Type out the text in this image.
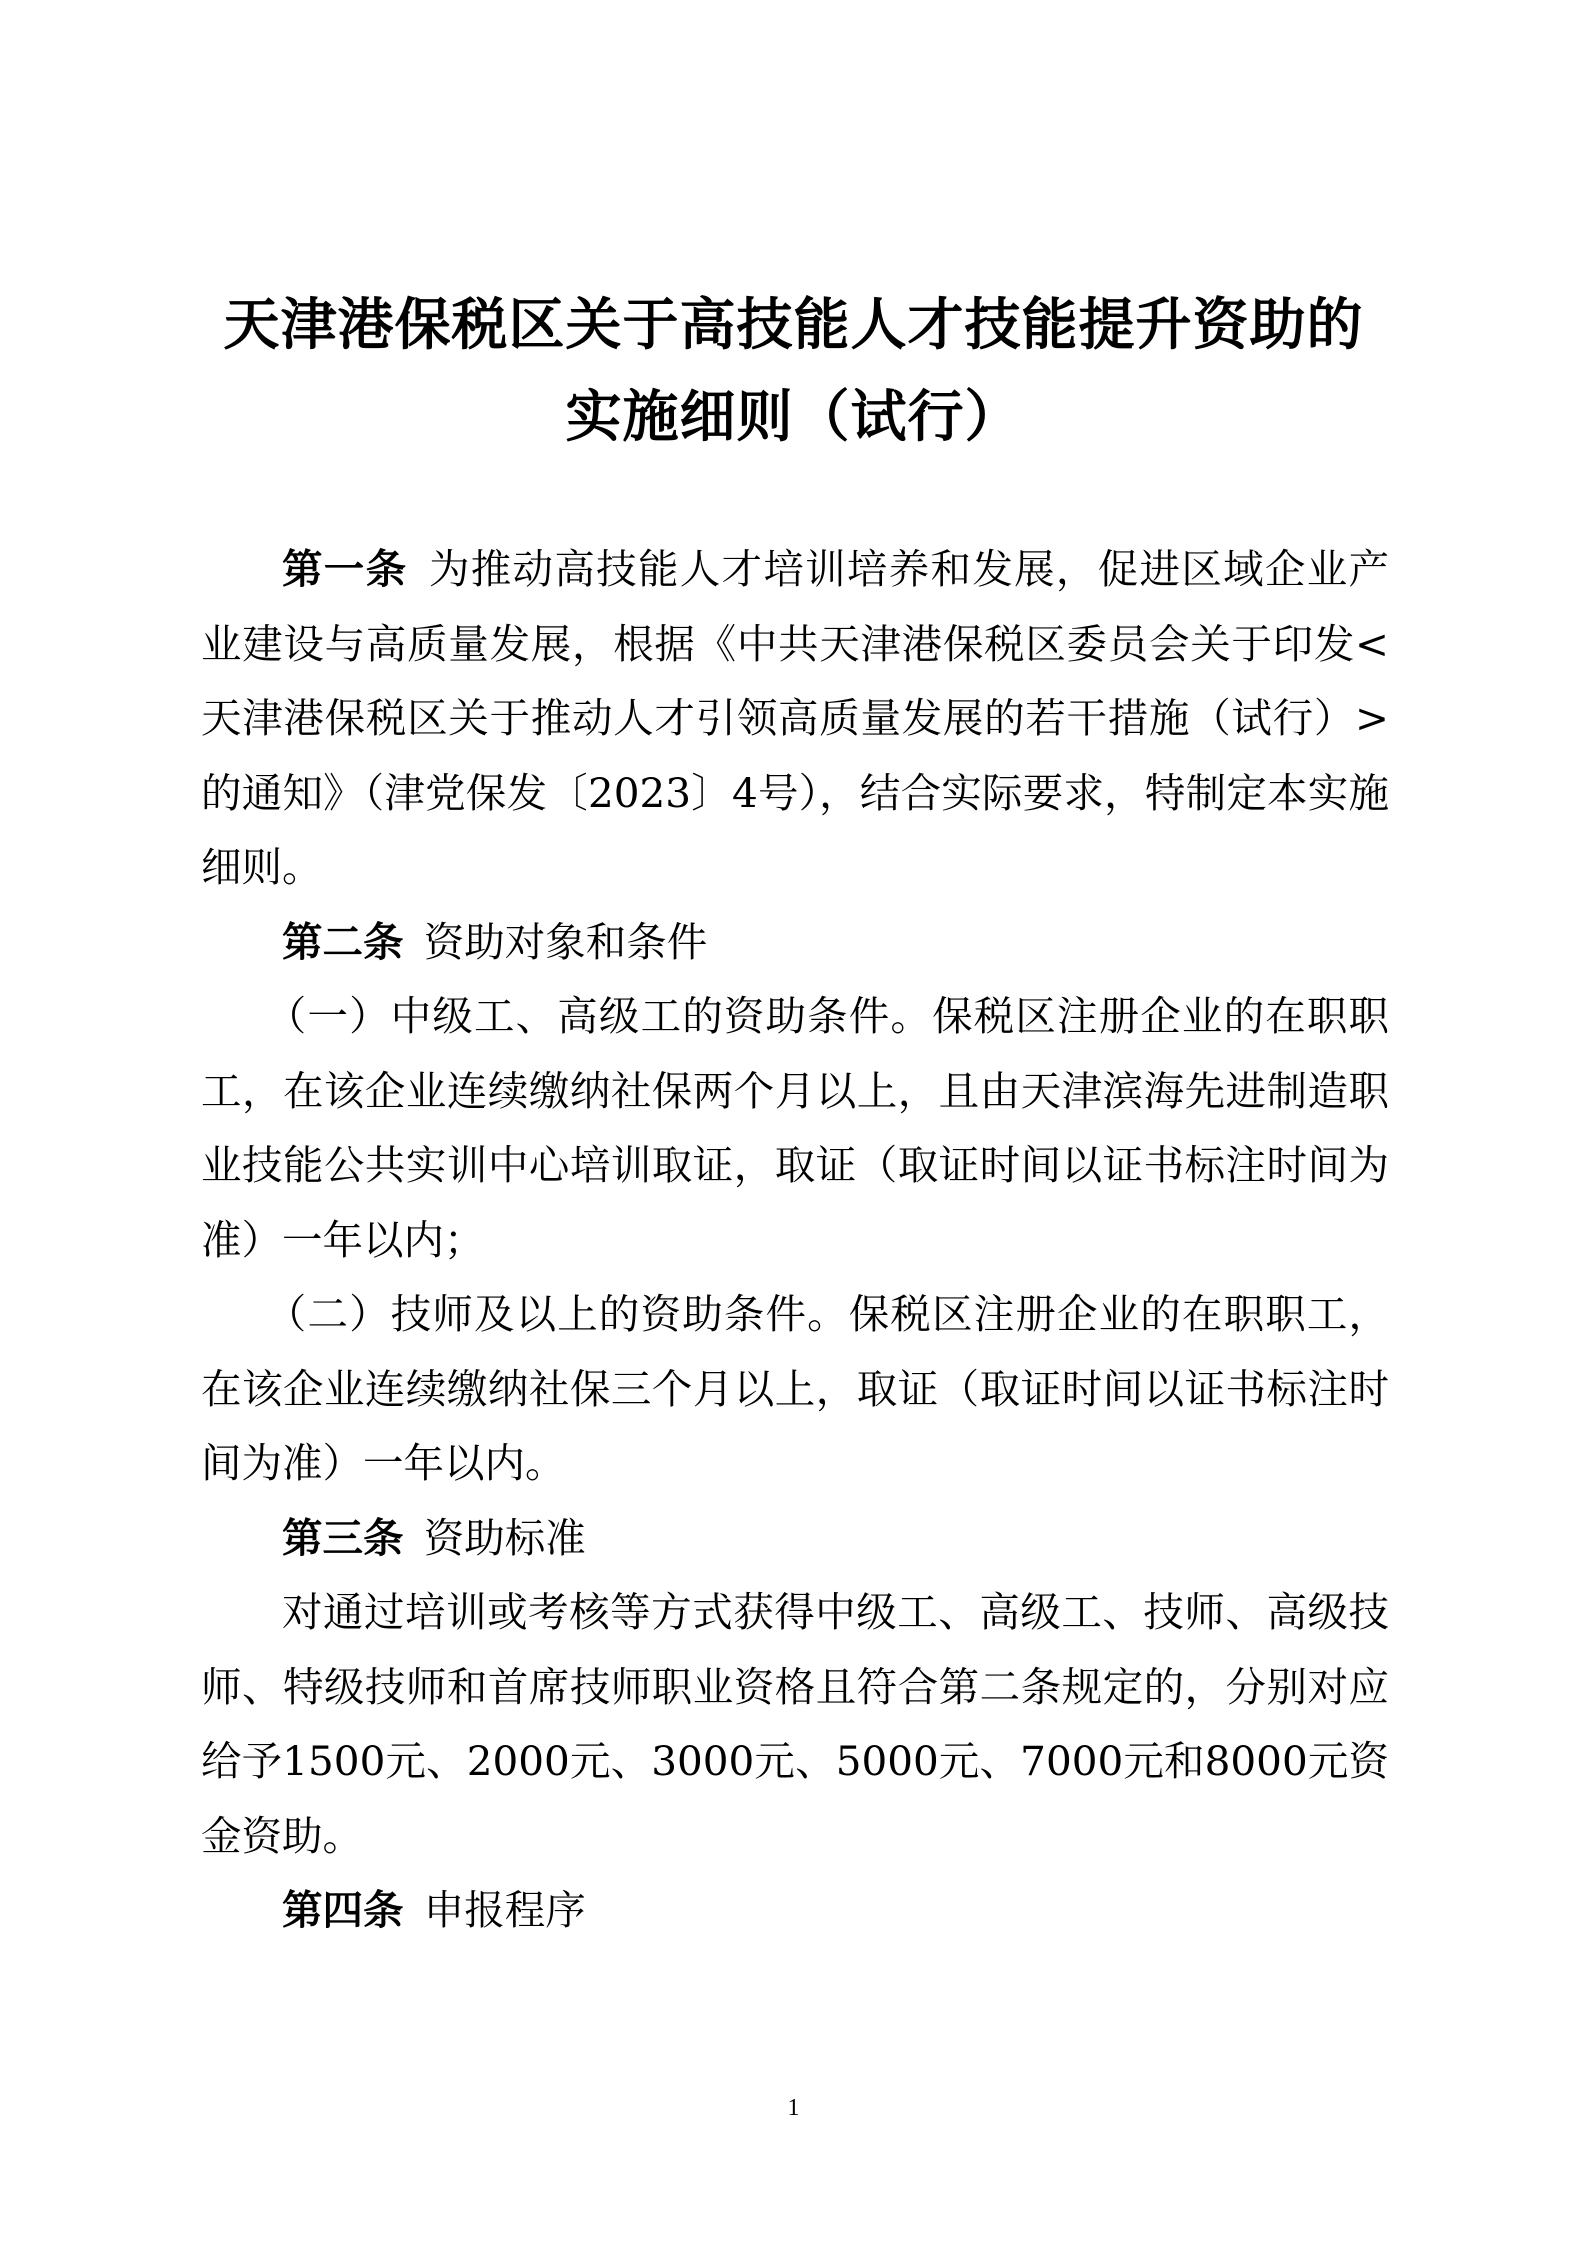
天津港保税区关于高技能人才技能提升资助的
实施细则（试行）

第一条 为推动高技能人才培训培养和发展，促进区域企业产业建设与高质量发展，根据《中共天津港保税区委员会关于印发<天津港保税区关于推动人才引领高质量发展的若干措施（试行）>的通知》（津党保发〔2023〕4号），结合实际要求，特制定本实施细则。

第二条 资助对象和条件

（一）中级工、高级工的资助条件。保税区注册企业的在职职工，在该企业连续缴纳社保两个月以上，且由天津滨海先进制造职业技能公共实训中心培训取证，取证（取证时间以证书标注时间为准）一年以内；

（二）技师及以上的资助条件。保税区注册企业的在职职工，在该企业连续缴纳社保三个月以上，取证（取证时间以证书标注时间为准）一年以内。

第三条 资助标准

对通过培训或考核等方式获得中级工、高级工、技师、高级技师、特级技师和首席技师职业资格且符合第二条规定的，分别对应给予1500元、2000元、3000元、5000元、7000元和8000元资金资助。

第四条 申报程序

1
